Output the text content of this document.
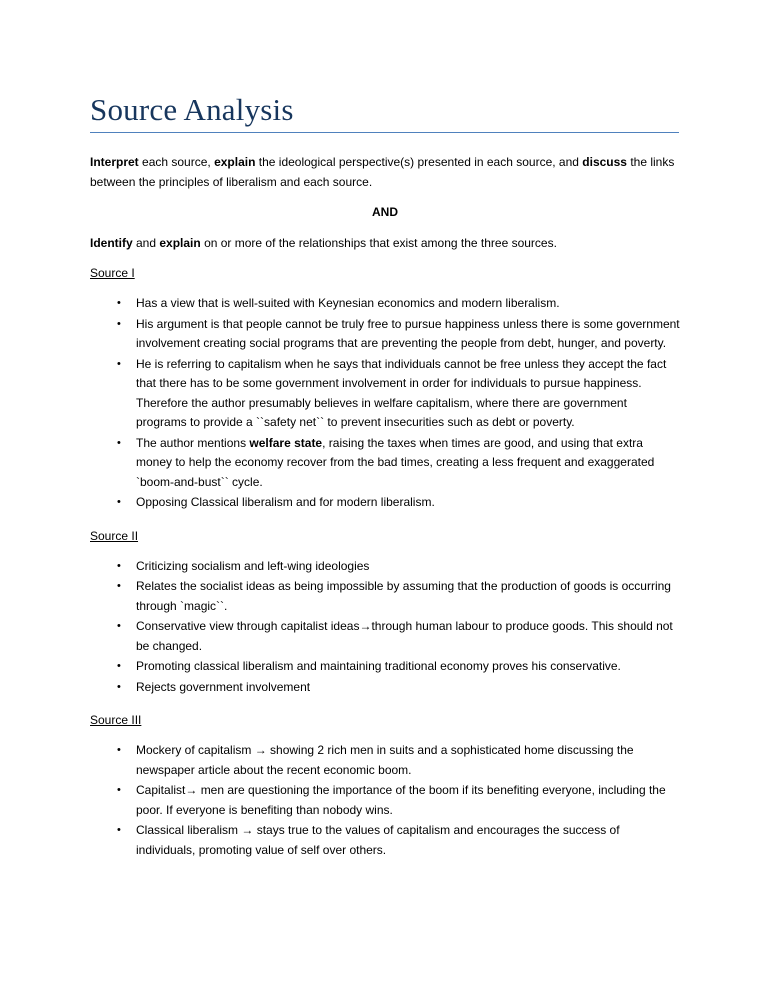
Source Analysis

Interpret each source, explain the ideological perspective(s) presented in each source, and discuss the links between the principles of liberalism and each source.

AND

Identify and explain on or more of the relationships that exist among the three sources.

Source I

• Has a view that is well-suited with Keynesian economics and modern liberalism.
• His argument is that people cannot be truly free to pursue happiness unless there is some government involvement creating social programs that are preventing the people from debt, hunger, and poverty.
• He is referring to capitalism when he says that individuals cannot be free unless they accept the fact that there has to be some government involvement in order for individuals to pursue happiness. Therefore the author presumably believes in welfare capitalism, where there are government programs to provide a ``safety net`` to prevent insecurities such as debt or poverty.
• The author mentions welfare state, raising the taxes when times are good, and using that extra money to help the economy recover from the bad times, creating a less frequent and exaggerated `boom-and-bust`` cycle.
• Opposing Classical liberalism and for modern liberalism.

Source II

• Criticizing socialism and left-wing ideologies
• Relates the socialist ideas as being impossible by assuming that the production of goods is occurring through `magic``.
• Conservative view through capitalist ideas→through human labour to produce goods. This should not be changed.
• Promoting classical liberalism and maintaining traditional economy proves his conservative.
• Rejects government involvement

Source III

• Mockery of capitalism → showing 2 rich men in suits and a sophisticated home discussing the newspaper article about the recent economic boom.
• Capitalist→ men are questioning the importance of the boom if its benefiting everyone, including the poor. If everyone is benefiting than nobody wins.
• Classical liberalism → stays true to the values of capitalism and encourages the success of individuals, promoting value of self over others.
